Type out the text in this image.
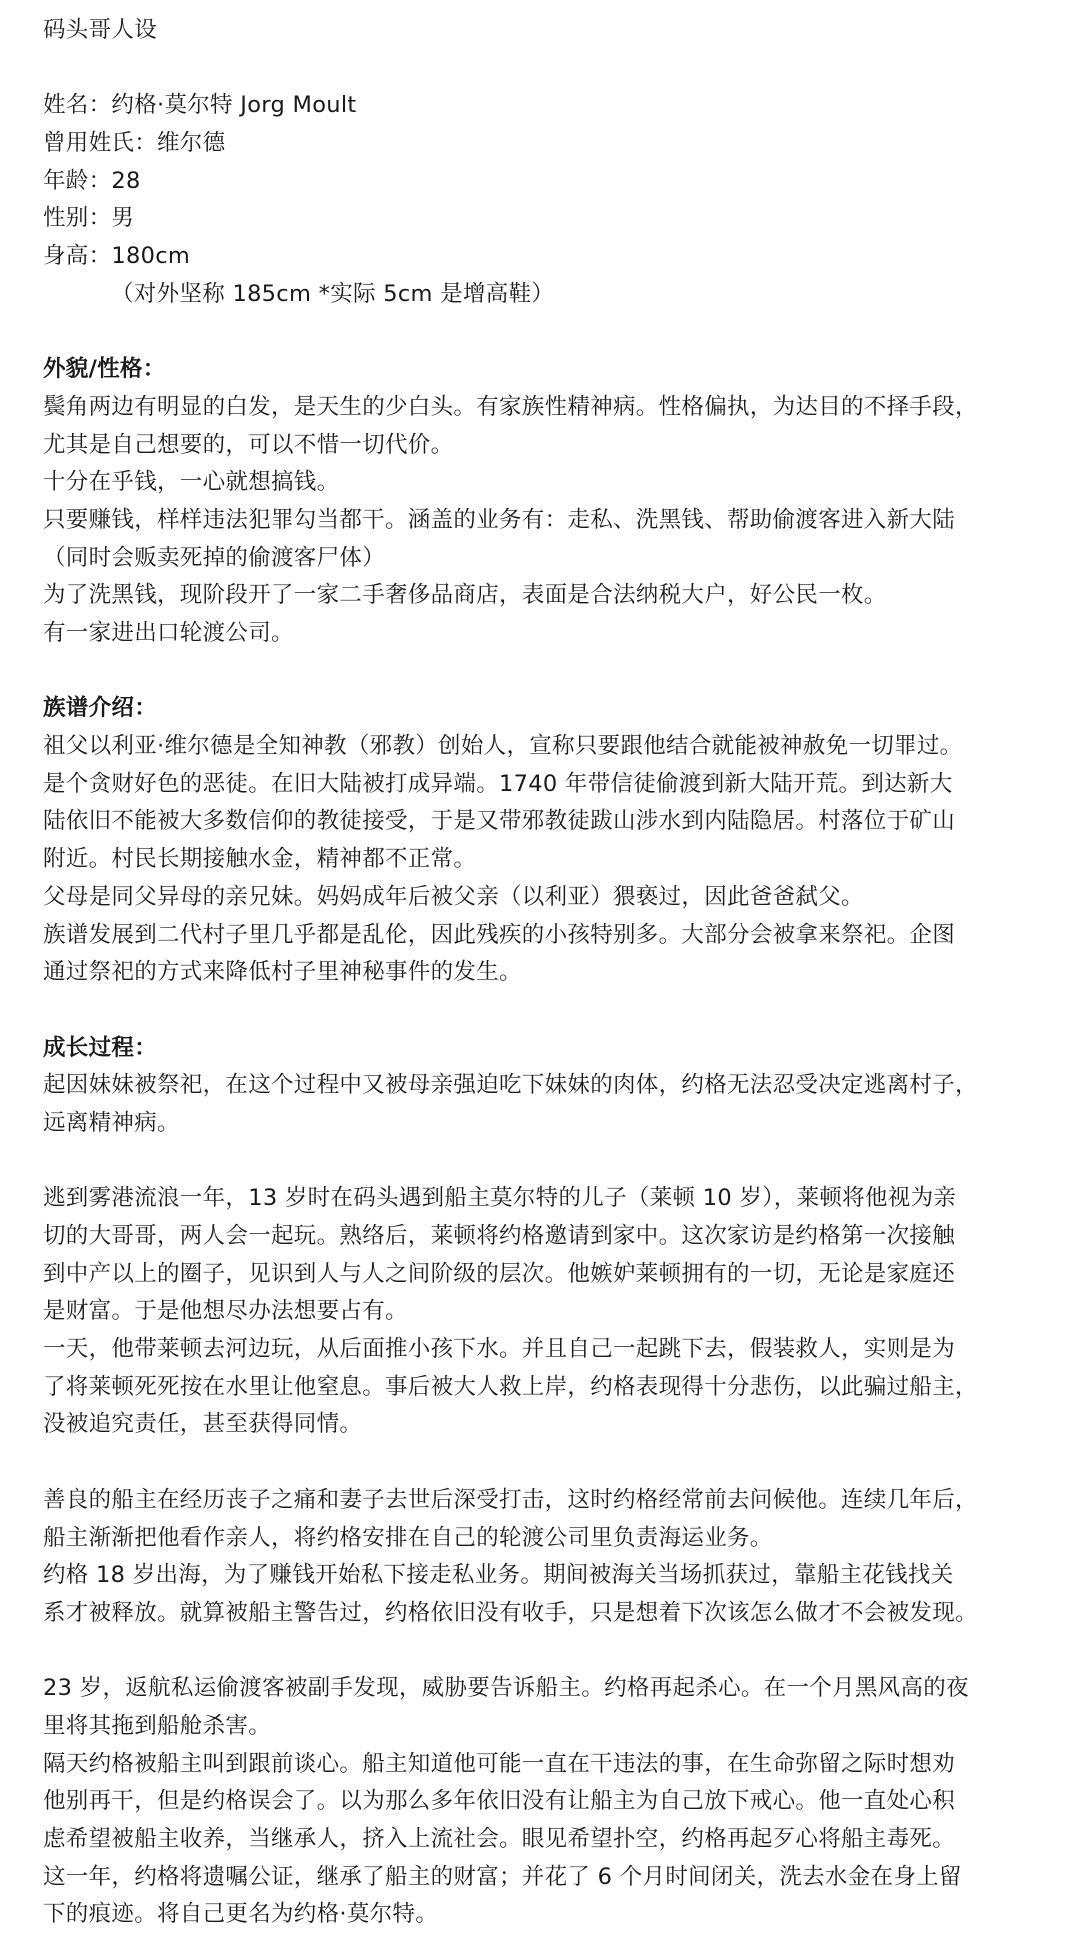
码头哥人设
姓名：约格·莫尔特 Jorg Moult
曾用姓氏：维尔德
年龄：28
性别：男
身高：180cm
（对外坚称 185cm *实际 5cm 是增高鞋）
外貌/性格：
鬓角两边有明显的白发，是天生的少白头。有家族性精神病。性格偏执，为达目的不择手段，
尤其是自己想要的，可以不惜一切代价。
十分在乎钱，一心就想搞钱。
只要赚钱，样样违法犯罪勾当都干。涵盖的业务有：走私、洗黑钱、帮助偷渡客进入新大陆
（同时会贩卖死掉的偷渡客尸体）
为了洗黑钱，现阶段开了一家二手奢侈品商店，表面是合法纳税大户，好公民一枚。
有一家进出口轮渡公司。
族谱介绍：
祖父以利亚·维尔德是全知神教（邪教）创始人，宣称只要跟他结合就能被神赦免一切罪过。
是个贪财好色的恶徒。在旧大陆被打成异端。1740 年带信徒偷渡到新大陆开荒。到达新大
陆依旧不能被大多数信仰的教徒接受，于是又带邪教徒跋山涉水到内陆隐居。村落位于矿山
附近。村民长期接触水金，精神都不正常。
父母是同父异母的亲兄妹。妈妈成年后被父亲（以利亚）猥亵过，因此爸爸弑父。
族谱发展到二代村子里几乎都是乱伦，因此残疾的小孩特别多。大部分会被拿来祭祀。企图
通过祭祀的方式来降低村子里神秘事件的发生。
成长过程：
起因妹妹被祭祀，在这个过程中又被母亲强迫吃下妹妹的肉体，约格无法忍受决定逃离村子，
远离精神病。
逃到雾港流浪一年，13 岁时在码头遇到船主莫尔特的儿子（莱顿 10 岁），莱顿将他视为亲
切的大哥哥，两人会一起玩。熟络后，莱顿将约格邀请到家中。这次家访是约格第一次接触
到中产以上的圈子，见识到人与人之间阶级的层次。他嫉妒莱顿拥有的一切，无论是家庭还
是财富。于是他想尽办法想要占有。
一天，他带莱顿去河边玩，从后面推小孩下水。并且自己一起跳下去，假装救人，实则是为
了将莱顿死死按在水里让他窒息。事后被大人救上岸，约格表现得十分悲伤，以此骗过船主，
没被追究责任，甚至获得同情。
善良的船主在经历丧子之痛和妻子去世后深受打击，这时约格经常前去问候他。连续几年后，
船主渐渐把他看作亲人，将约格安排在自己的轮渡公司里负责海运业务。
约格 18 岁出海，为了赚钱开始私下接走私业务。期间被海关当场抓获过，靠船主花钱找关
系才被释放。就算被船主警告过，约格依旧没有收手，只是想着下次该怎么做才不会被发现。
23 岁，返航私运偷渡客被副手发现，威胁要告诉船主。约格再起杀心。在一个月黑风高的夜
里将其拖到船舱杀害。
隔天约格被船主叫到跟前谈心。船主知道他可能一直在干违法的事，在生命弥留之际时想劝
他别再干，但是约格误会了。以为那么多年依旧没有让船主为自己放下戒心。他一直处心积
虑希望被船主收养，当继承人，挤入上流社会。眼见希望扑空，约格再起歹心将船主毒死。
这一年，约格将遗嘱公证，继承了船主的财富；并花了 6 个月时间闭关，洗去水金在身上留
下的痕迹。将自己更名为约格·莫尔特。
